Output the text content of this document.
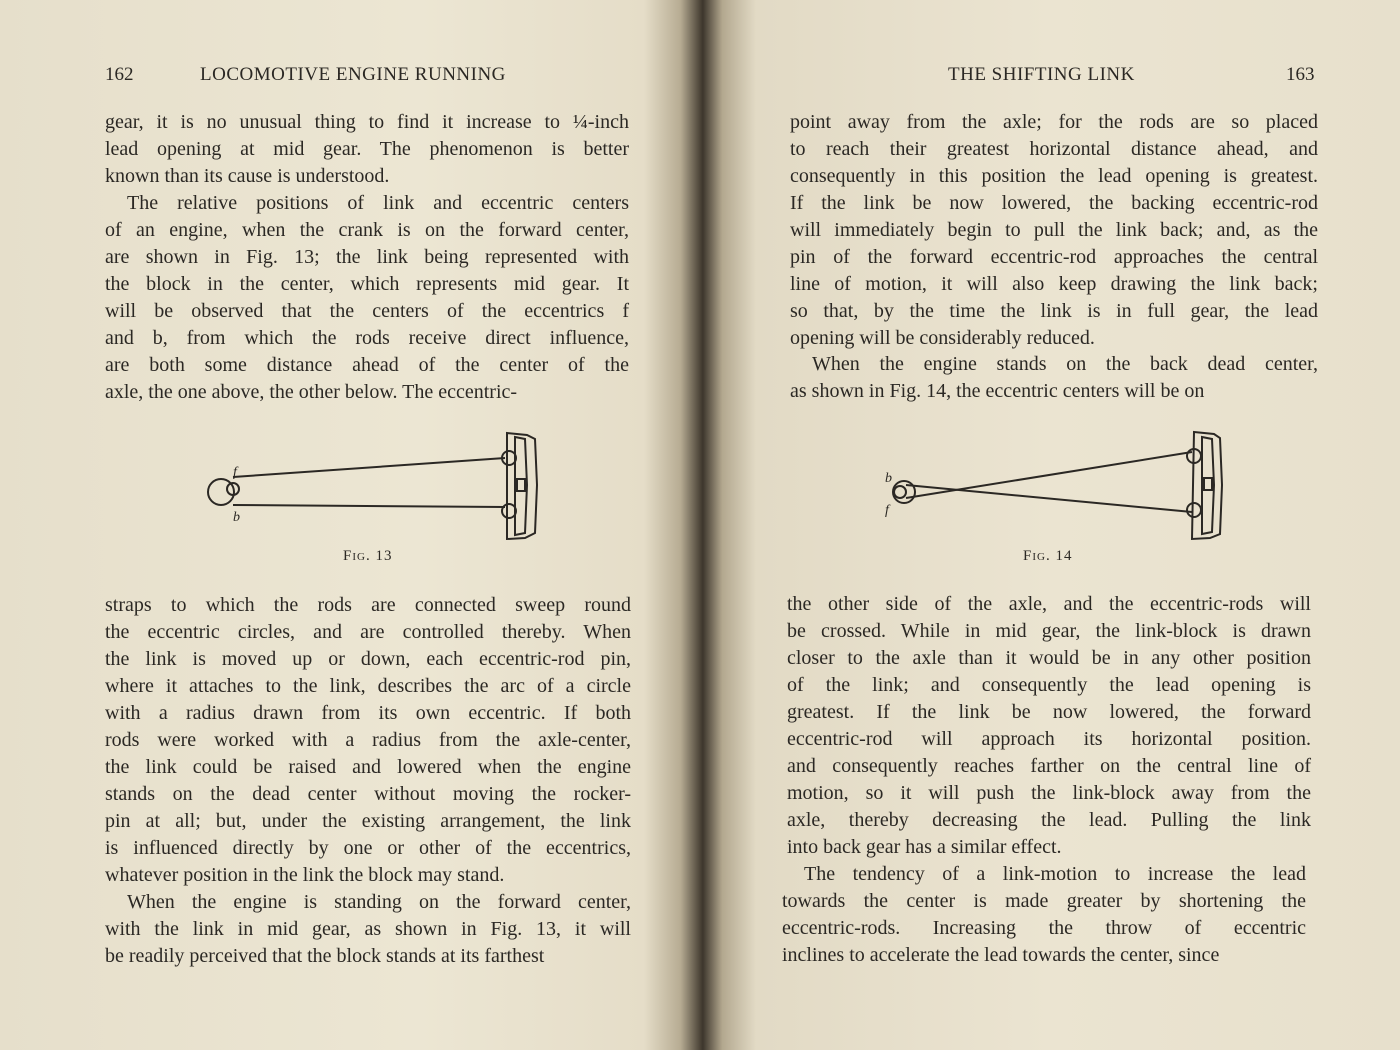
162	LOCOMOTIVE ENGINE RUNNING
gear, it is no unusual thing to find it increase to ¼-inch
lead opening at mid gear. The phenomenon is better
known than its cause is understood.
The relative positions of link and eccentric centers
of an engine, when the crank is on the forward center,
are shown in Fig. 13; the link being represented with
the block in the center, which represents mid gear. It
will be observed that the centers of the eccentrics f
and b, from which the rods receive direct influence,
are both some distance ahead of the center of the
axle, the one above, the other below. The eccentric-
f
b
Fig. 13
straps to which the rods are connected sweep round
the eccentric circles, and are controlled thereby. When
the link is moved up or down, each eccentric-rod pin,
where it attaches to the link, describes the arc of a circle
with a radius drawn from its own eccentric. If both
rods were worked with a radius from the axle-center,
the link could be raised and lowered when the engine
stands on the dead center without moving the rocker-
pin at all; but, under the existing arrangement, the link
is influenced directly by one or other of the eccentrics,
whatever position in the link the block may stand.
When the engine is standing on the forward center,
with the link in mid gear, as shown in Fig. 13, it will
be readily perceived that the block stands at its farthest
THE SHIFTING LINK	163
point away from the axle; for the rods are so placed
to reach their greatest horizontal distance ahead, and
consequently in this position the lead opening is greatest.
If the link be now lowered, the backing eccentric-rod
will immediately begin to pull the link back; and, as the
pin of the forward eccentric-rod approaches the central
line of motion, it will also keep drawing the link back;
so that, by the time the link is in full gear, the lead
opening will be considerably reduced.
When the engine stands on the back dead center,
as shown in Fig. 14, the eccentric centers will be on
b
f
Fig. 14
the other side of the axle, and the eccentric-rods will
be crossed. While in mid gear, the link-block is drawn
closer to the axle than it would be in any other position
of the link; and consequently the lead opening is
greatest. If the link be now lowered, the forward
eccentric-rod will approach its horizontal position.
and consequently reaches farther on the central line of
motion, so it will push the link-block away from the
axle, thereby decreasing the lead. Pulling the link
into back gear has a similar effect.
The tendency of a link-motion to increase the lead
towards the center is made greater by shortening the
eccentric-rods. Increasing the throw of eccentric
inclines to accelerate the lead towards the center, since
